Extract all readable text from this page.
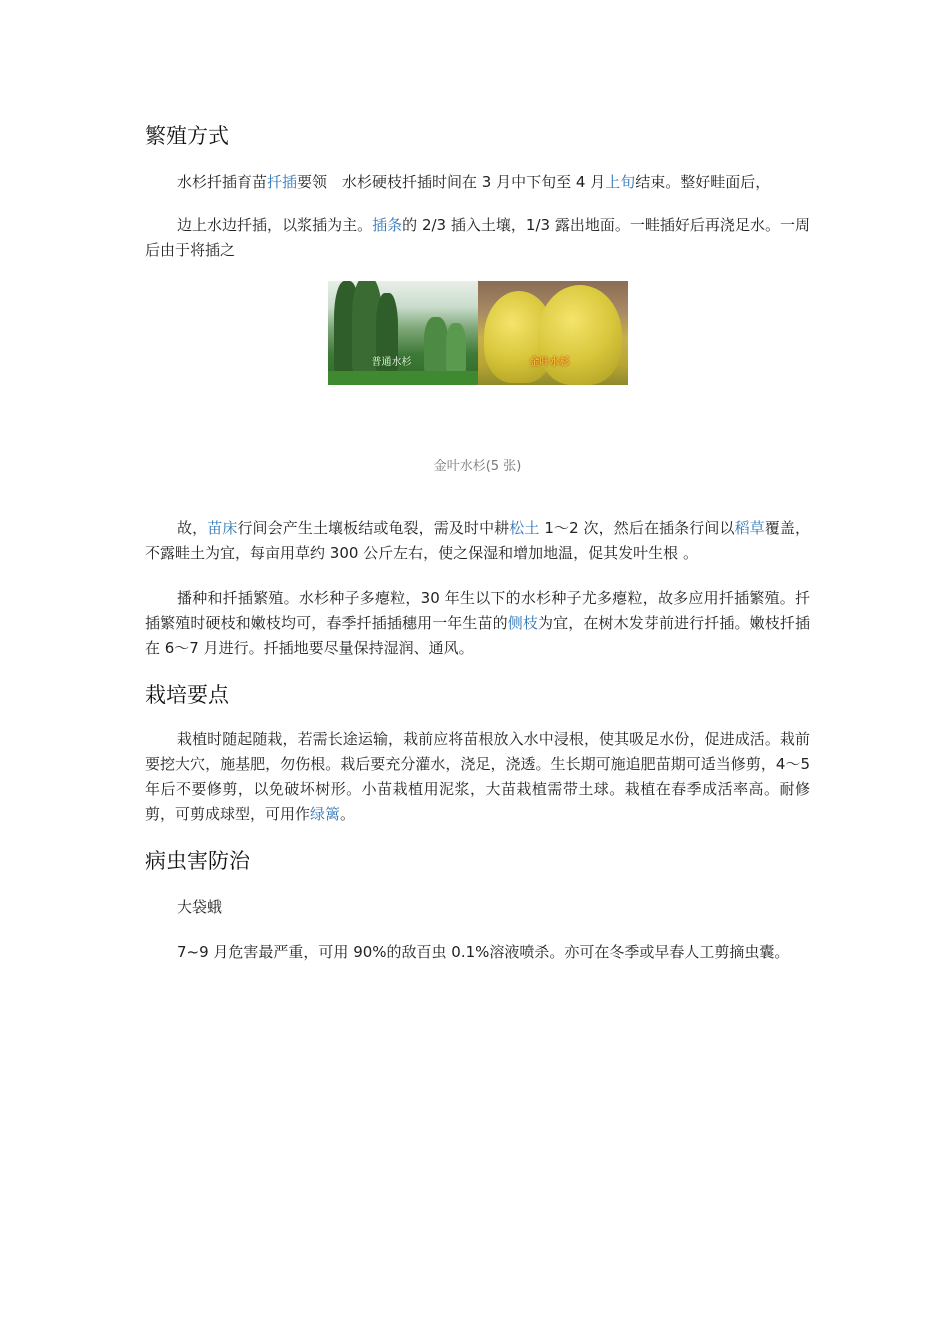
繁殖方式

水杉扦插育苗扦插要领　水杉硬枝扦插时间在 3 月中下旬至 4 月上旬结束。整好畦面后，

边上水边扦插，以浆插为主。插条的 2/3 插入土壤，1/3 露出地面。一畦插好后再浇足水。一周后由于将插之

普通水杉	金叶水杉
金叶水杉(5 张)

故，苗床行间会产生土壤板结或龟裂，需及时中耕松土 1～2 次，然后在插条行间以稻草覆盖，不露畦土为宜，每亩用草约 300 公斤左右，使之保湿和增加地温，促其发叶生根 。

播种和扦插繁殖。水杉种子多瘪粒，30 年生以下的水杉种子尤多瘪粒，故多应用扦插繁殖。扦插繁殖时硬枝和嫩枝均可，春季扦插插穗用一年生苗的侧枝为宜，在树木发芽前进行扦插。嫩枝扦插在 6～7 月进行。扦插地要尽量保持湿润、通风。

栽培要点

栽植时随起随栽，若需长途运输，栽前应将苗根放入水中浸根，使其吸足水份，促进成活。栽前要挖大穴，施基肥，勿伤根。栽后要充分灌水，浇足，浇透。生长期可施追肥苗期可适当修剪，4～5 年后不要修剪，以免破坏树形。小苗栽植用泥浆，大苗栽植需带土球。栽植在春季成活率高。耐修剪，可剪成球型，可用作绿篱。

病虫害防治

大袋蛾

7~9 月危害最严重，可用 90%的敌百虫 0.1%溶液喷杀。亦可在冬季或早春人工剪摘虫囊。
